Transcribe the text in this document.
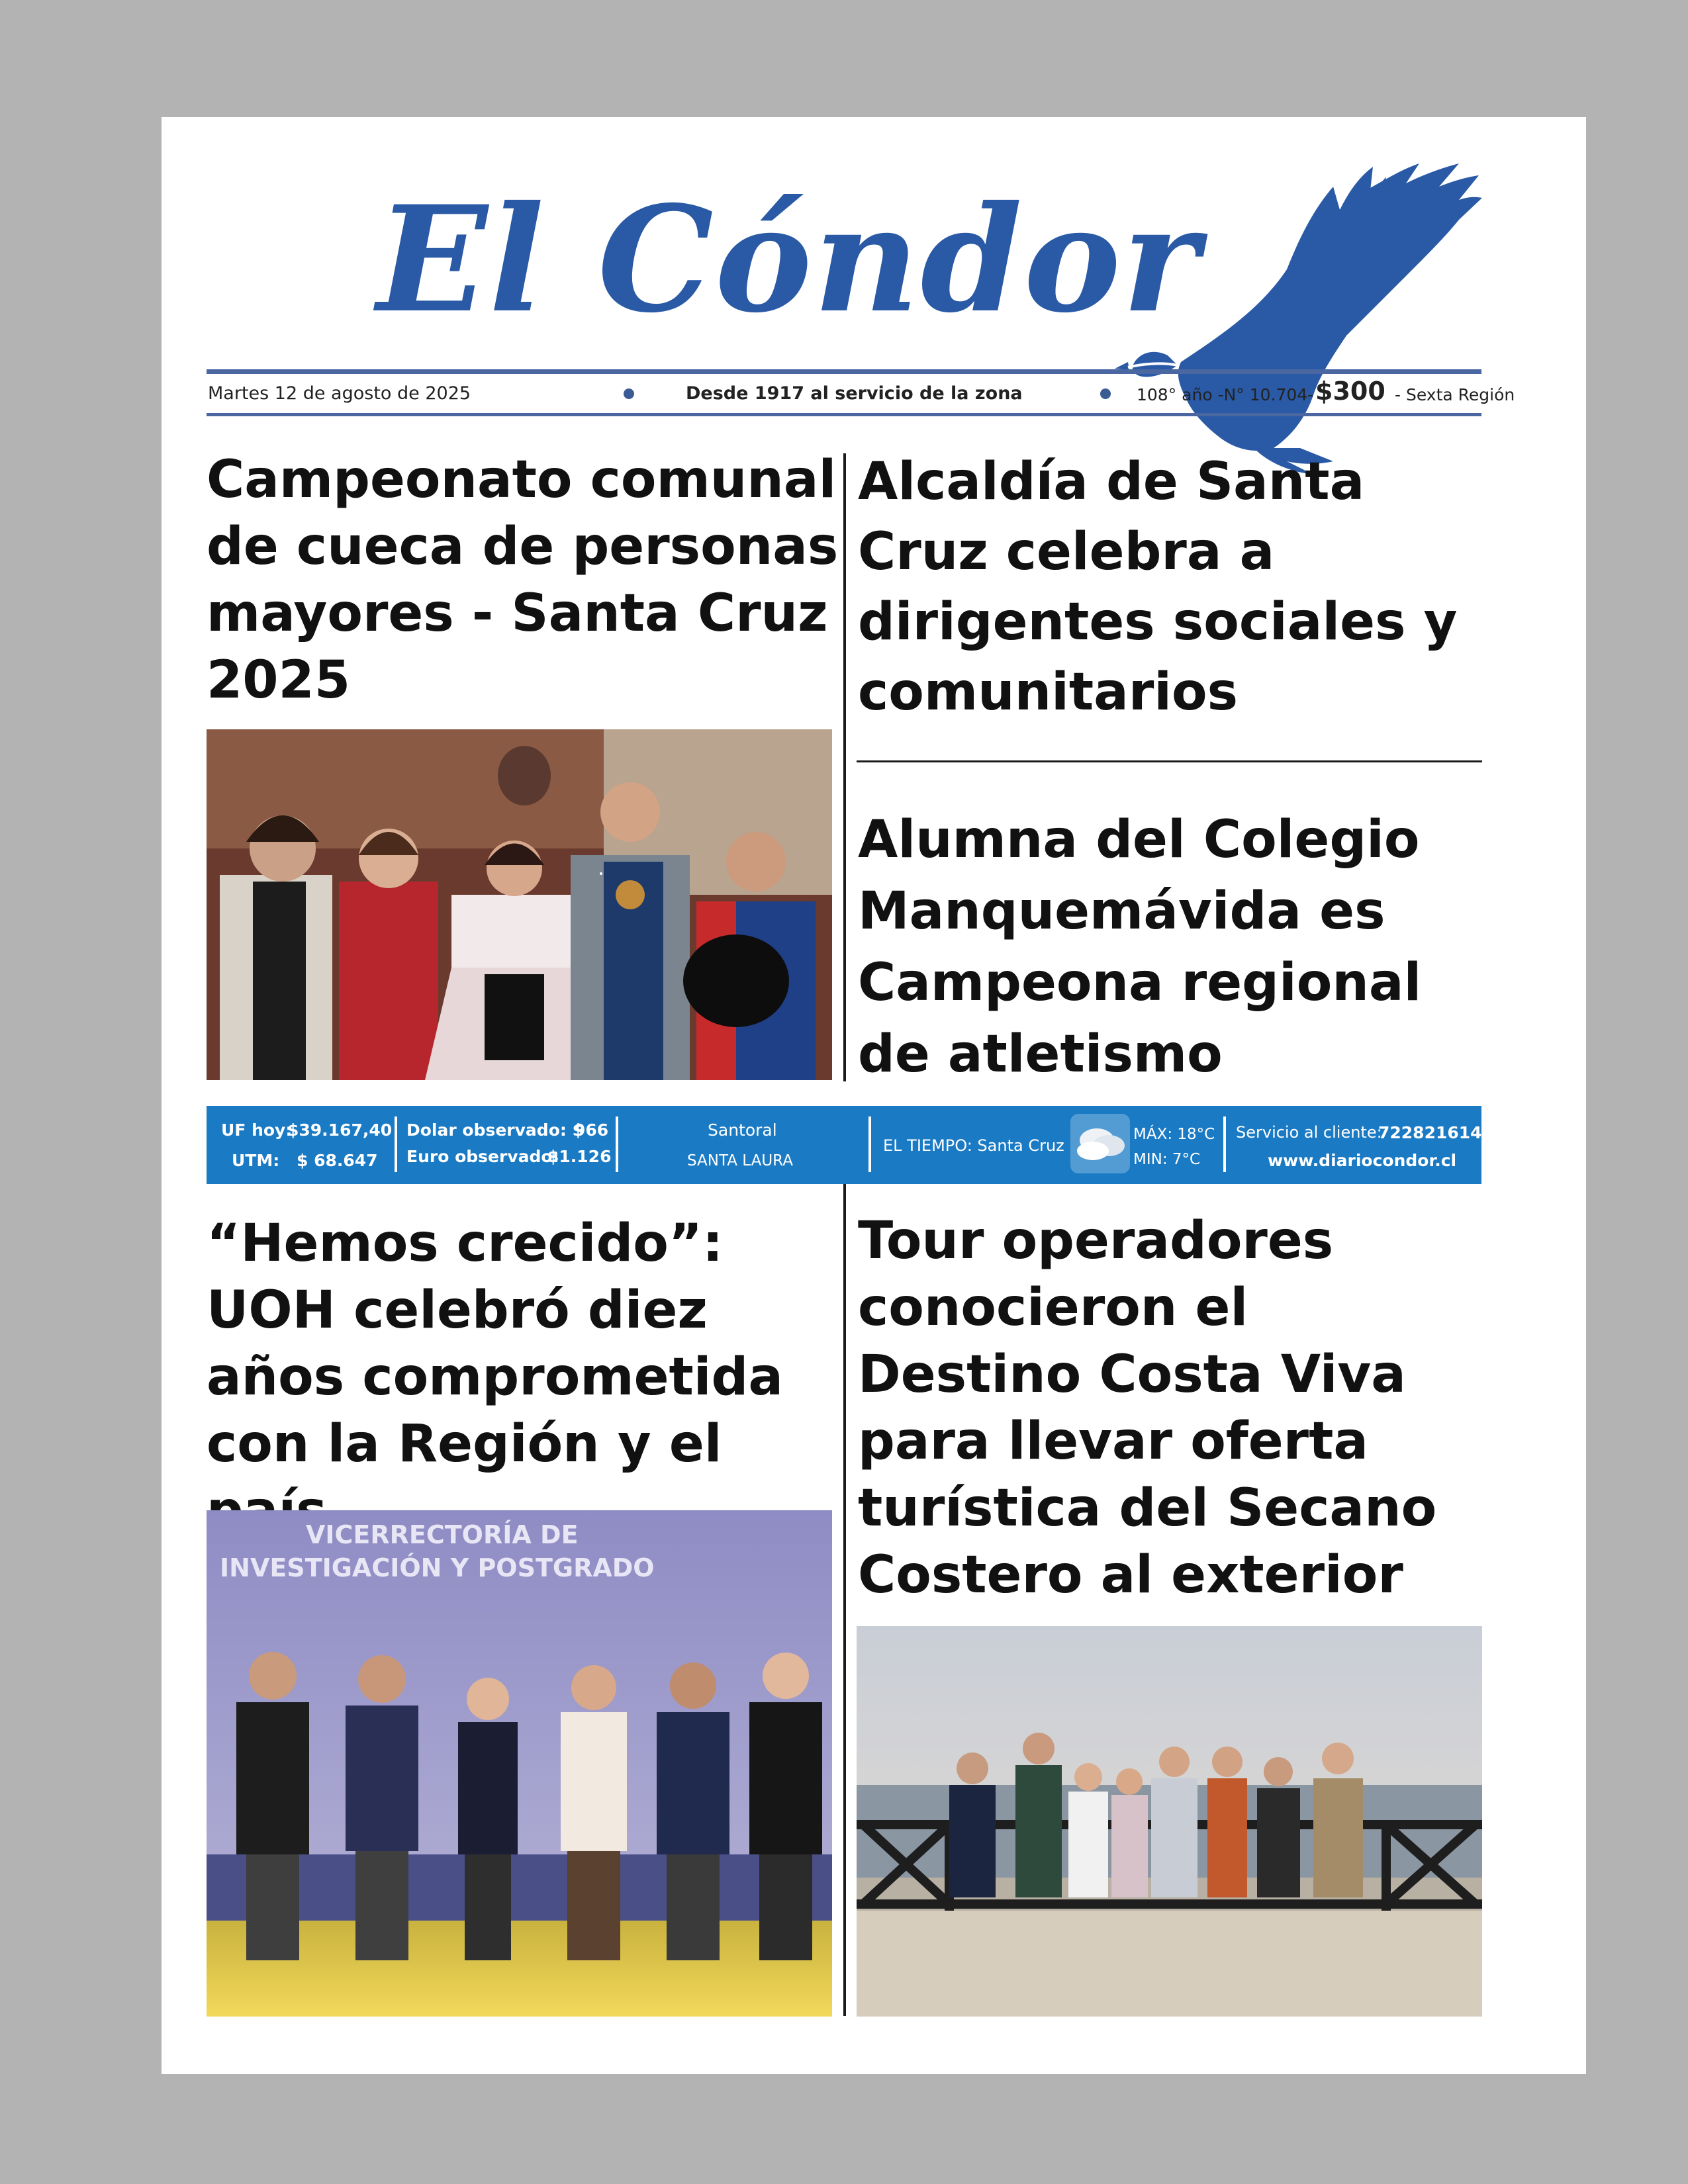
El Cóndor
Martes 12 de agosto de 2025	Desde 1917 al servicio de la zona	108° año -N° 10.704- $300 - Sexta Región
Campeonato comunal de cueca de personas mayores - Santa Cruz 2025
Alcaldía de Santa Cruz celebra a dirigentes sociales y comunitarios
Alumna del Colegio Manquemávida es Campeona regional de atletismo
UF hoy:
$39.167,40
UTM: $ 68.647
Dolar observado: $
966
Euro observado:
$1.126
Santoral
SANTA LAURA
EL TIEMPO: Santa Cruz
MÁX: 18°C
MIN: 7°C
Servicio al cliente:
722821614
www.diariocondor.cl
“Hemos crecido”: UOH celebró diez años comprometida con la Región y el
VICERRECTORÍA DE
INVESTIGACIÓN Y POSTGRADO
Tour operadores conocieron el Destino Costa Viva para llevar oferta turística del Secano Costero al exterior
